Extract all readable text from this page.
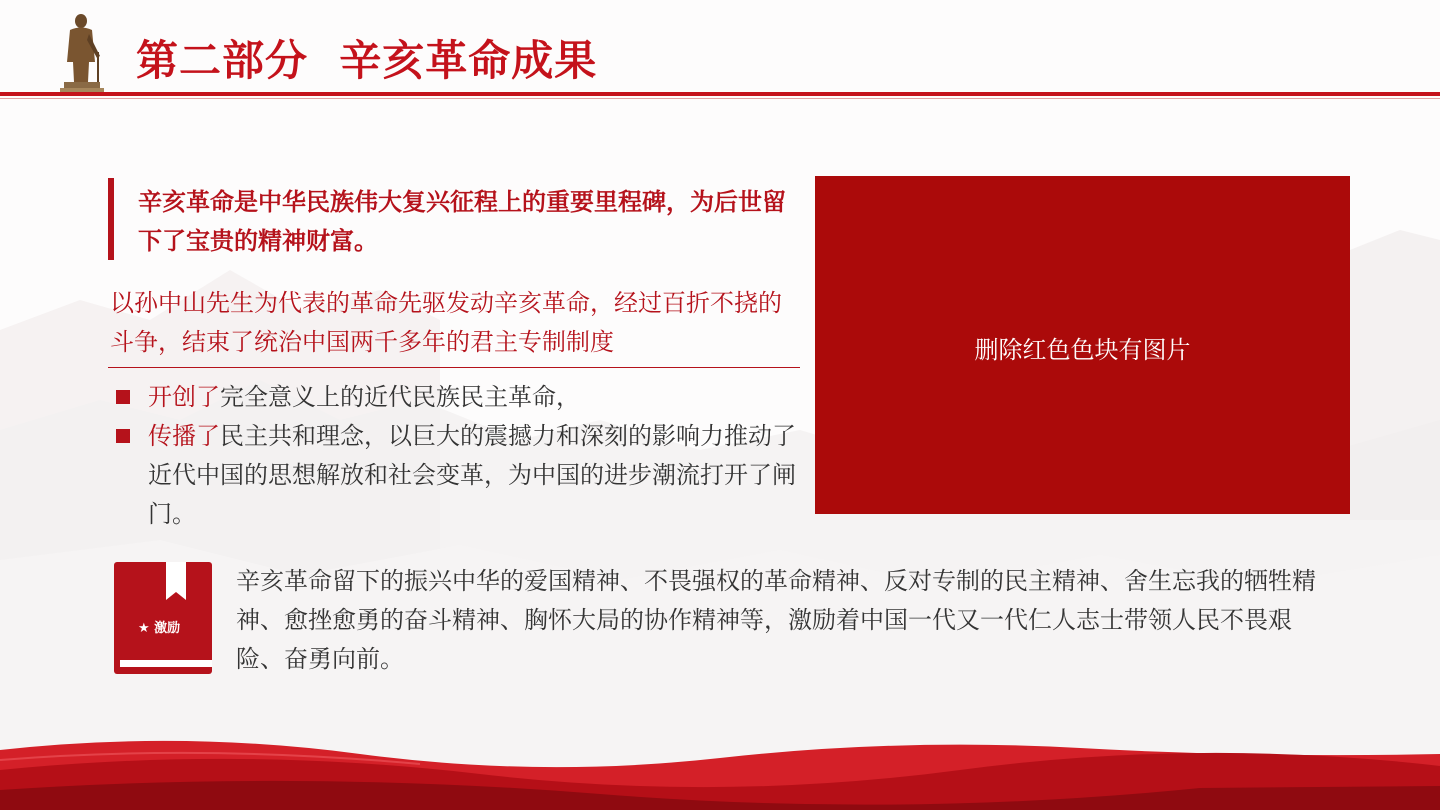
第二部分  辛亥革命成果
辛亥革命是中华民族伟大复兴征程上的重要里程碑，为后世留下了宝贵的精神财富。
以孙中山先生为代表的革命先驱发动辛亥革命，经过百折不挠的斗争，结束了统治中国两千多年的君主专制制度
开创了完全意义上的近代民族民主革命，
传播了民主共和理念，以巨大的震撼力和深刻的影响力推动了近代中国的思想解放和社会变革，为中国的进步潮流打开了闸门。
删除红色色块有图片
★ 激励
辛亥革命留下的振兴中华的爱国精神、不畏强权的革命精神、反对专制的民主精神、舍生忘我的牺牲精神、愈挫愈勇的奋斗精神、胸怀大局的协作精神等，激励着中国一代又一代仁人志士带领人民不畏艰险、奋勇向前。
